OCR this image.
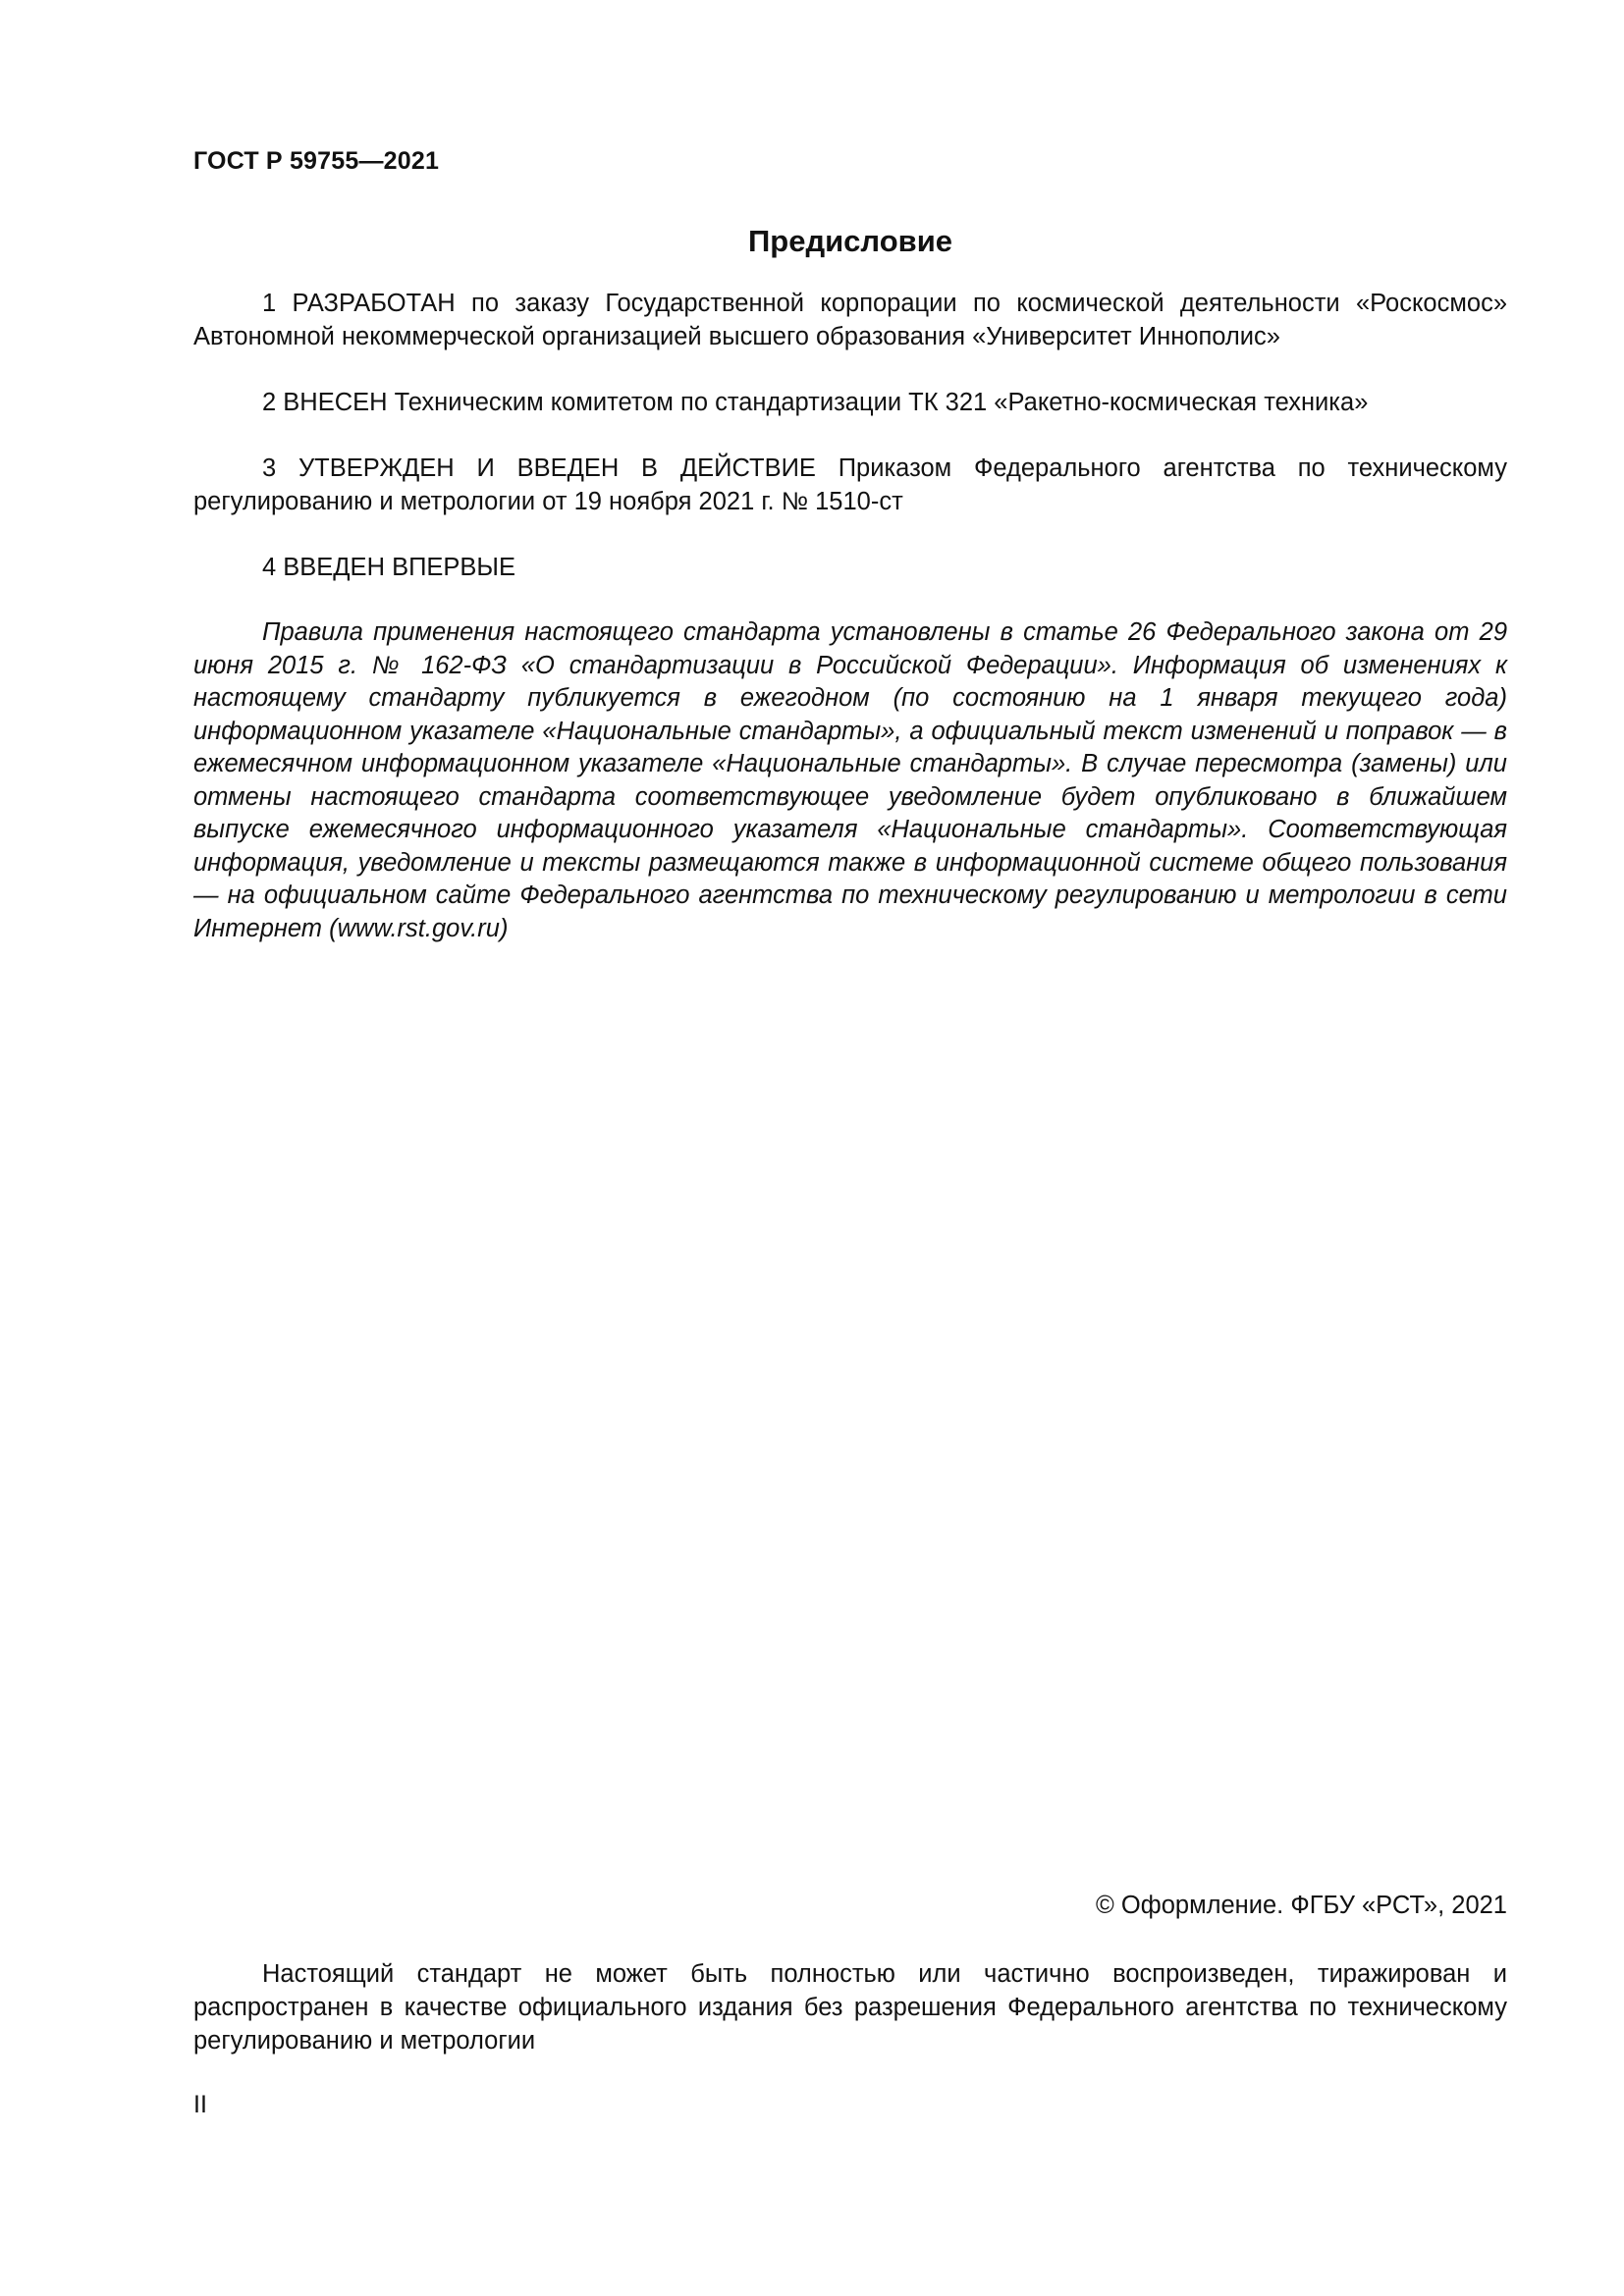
ГОСТ Р 59755—2021
Предисловие

1 РАЗРАБОТАН по заказу Государственной корпорации по космической деятельности «Роскосмос» Автономной некоммерческой организацией высшего образования «Университет Иннополис»

2 ВНЕСЕН Техническим комитетом по стандартизации ТК 321 «Ракетно-космическая техника»

3 УТВЕРЖДЕН И ВВЕДЕН В ДЕЙСТВИЕ Приказом Федерального агентства по техническому регулированию и метрологии от 19 ноября 2021 г. № 1510-ст

4 ВВЕДЕН ВПЕРВЫЕ

Правила применения настоящего стандарта установлены в статье 26 Федерального закона от 29 июня 2015 г. № 162-ФЗ «О стандартизации в Российской Федерации». Информация об изменениях к настоящему стандарту публикуется в ежегодном (по состоянию на 1 января текущего года) информационном указателе «Национальные стандарты», а официальный текст изменений и поправок — в ежемесячном информационном указателе «Национальные стандарты». В случае пересмотра (замены) или отмены настоящего стандарта соответствующее уведомление будет опубликовано в ближайшем выпуске ежемесячного информационного указателя «Национальные стандарты». Соответствующая информация, уведомление и тексты размещаются также в информационной системе общего пользования — на официальном сайте Федерального агентства по техническому регулированию и метрологии в сети Интернет (www.rst.gov.ru)

© Оформление. ФГБУ «РСТ», 2021

Настоящий стандарт не может быть полностью или частично воспроизведен, тиражирован и распространен в качестве официального издания без разрешения Федерального агентства по техническому регулированию и метрологии

II
